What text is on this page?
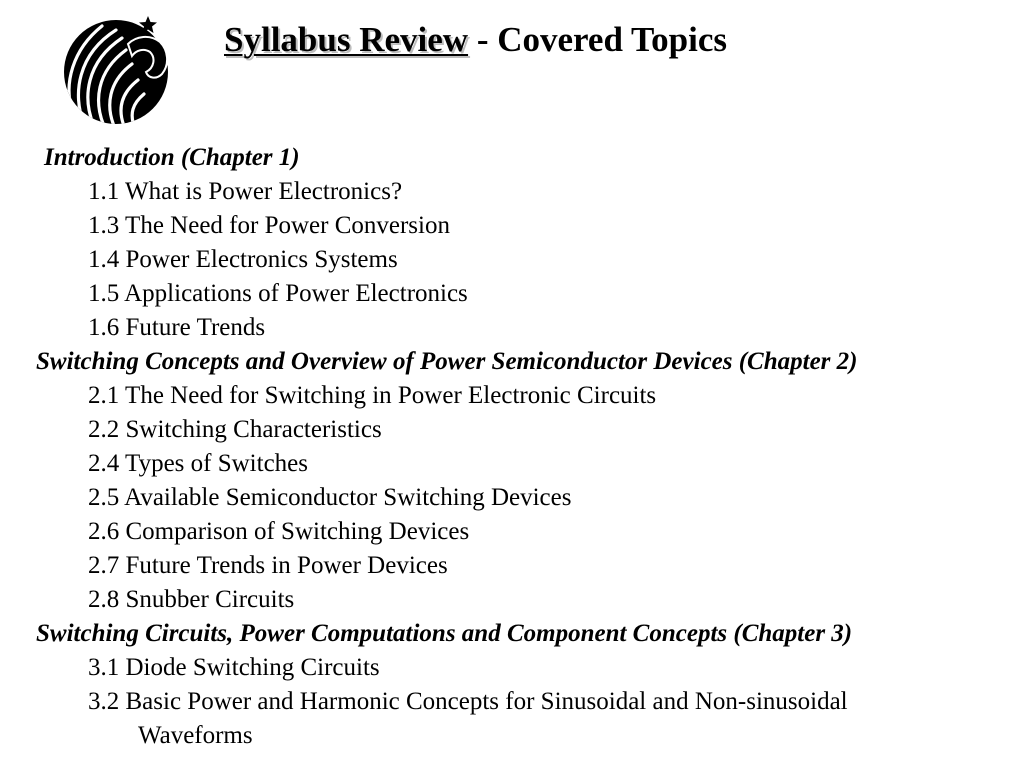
Syllabus Review - Covered Topics
Introduction (Chapter 1)
1.1 What is Power Electronics?
1.3 The Need for Power Conversion
1.4 Power Electronics Systems
1.5 Applications of Power Electronics
1.6 Future Trends
Switching Concepts and Overview of Power Semiconductor Devices (Chapter 2)
2.1 The Need for Switching in Power Electronic Circuits
2.2 Switching Characteristics
2.4 Types of Switches
2.5 Available Semiconductor Switching Devices
2.6 Comparison of Switching Devices
2.7 Future Trends in Power Devices
2.8 Snubber Circuits
Switching Circuits, Power Computations and Component Concepts (Chapter 3)
3.1 Diode Switching Circuits
3.2 Basic Power and Harmonic Concepts for Sinusoidal and Non-sinusoidal
Waveforms
